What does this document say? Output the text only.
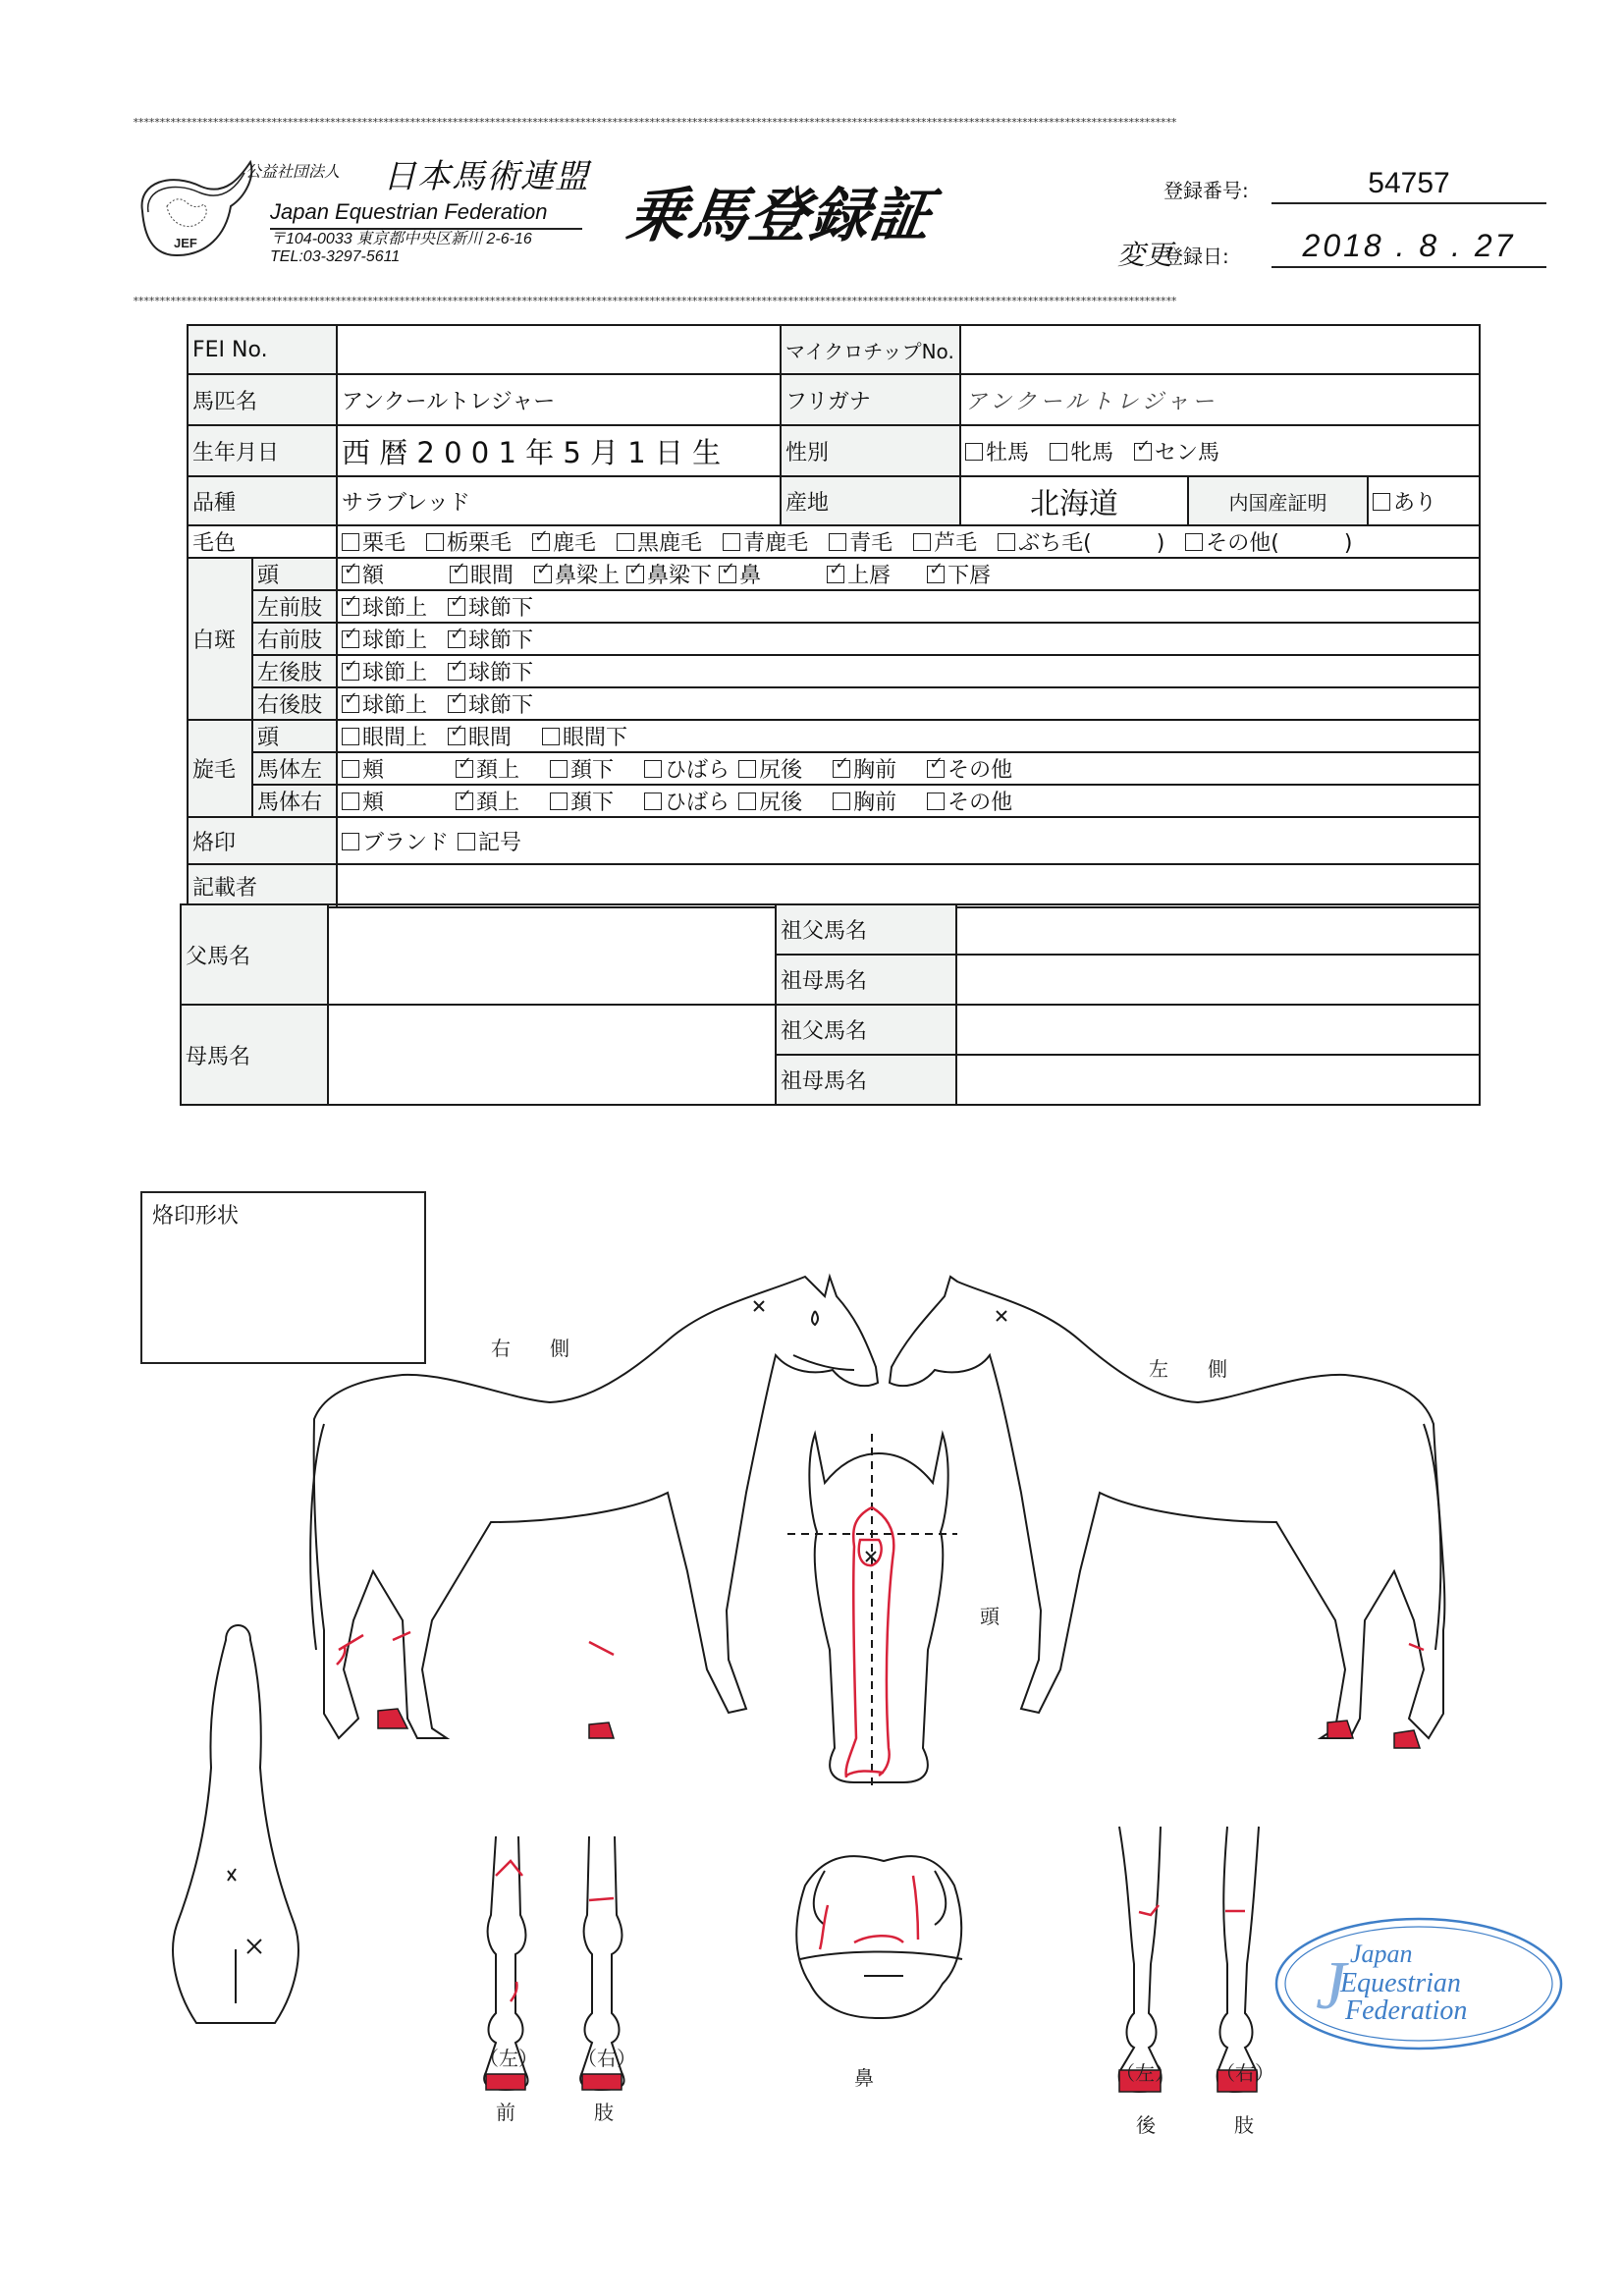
****************************************************************************************************************************************************************************************************
JEF
公益社団法人 日本馬術連盟
Japan Equestrian Federation
〒104-0033 東京都中央区新川 2-6-16
TEL:03-3297-5611
乗馬登録証	登録番号:	54757
変更
登録日:	2018 . 8 . 27
****************************************************************************************************************************************************************************************************
FEI No.			マイクロチップNo.			
馬匹名		アンクールトレジャー	フリガナ	アンクールトレジャー		
生年月日		西 暦 2 0 0 1 年 5 月 1 日 生	性別	牡馬 牝馬 ✓ セン馬
品種		サラブレッド	産地	北海道	内国産証明	あり
毛色		栗毛 栃栗毛 ✓ 鹿毛 黒鹿毛 青鹿毛 青毛 芦毛 ぶち毛(　　　) その他(　　　)
白斑	頭	✓額 ✓ 眼間 ✓ 鼻梁上 ✓ 鼻梁下 ✓ 鼻 ✓ 上唇 ✓ 下唇
	左前肢	✓球節上 ✓ 球節下
	右前肢	✓球節上 ✓ 球節下
	左後肢	✓球節上 ✓ 球節下
	右後肢	✓球節上 ✓ 球節下
旋毛	頭	眼間上 ✓ 眼間 眼間下
	馬体左	頬 ✓ 頚上 頚下 ひばら 尻後 ✓ 胸前 ✓ その他
	馬体右	頬 ✓ 頚上 頚下 ひばら 尻後 胸前 その他
烙印		ブランド 記号				
記載者						
父馬名		祖父馬名	
		祖母馬名	
母馬名		祖父馬名	
		祖母馬名	
烙印形状
右　　側
左　　側
頭
鼻
（左） （右）
前	肢
（左） （右）
後	肢
J Japan
Equestrian
Federation
